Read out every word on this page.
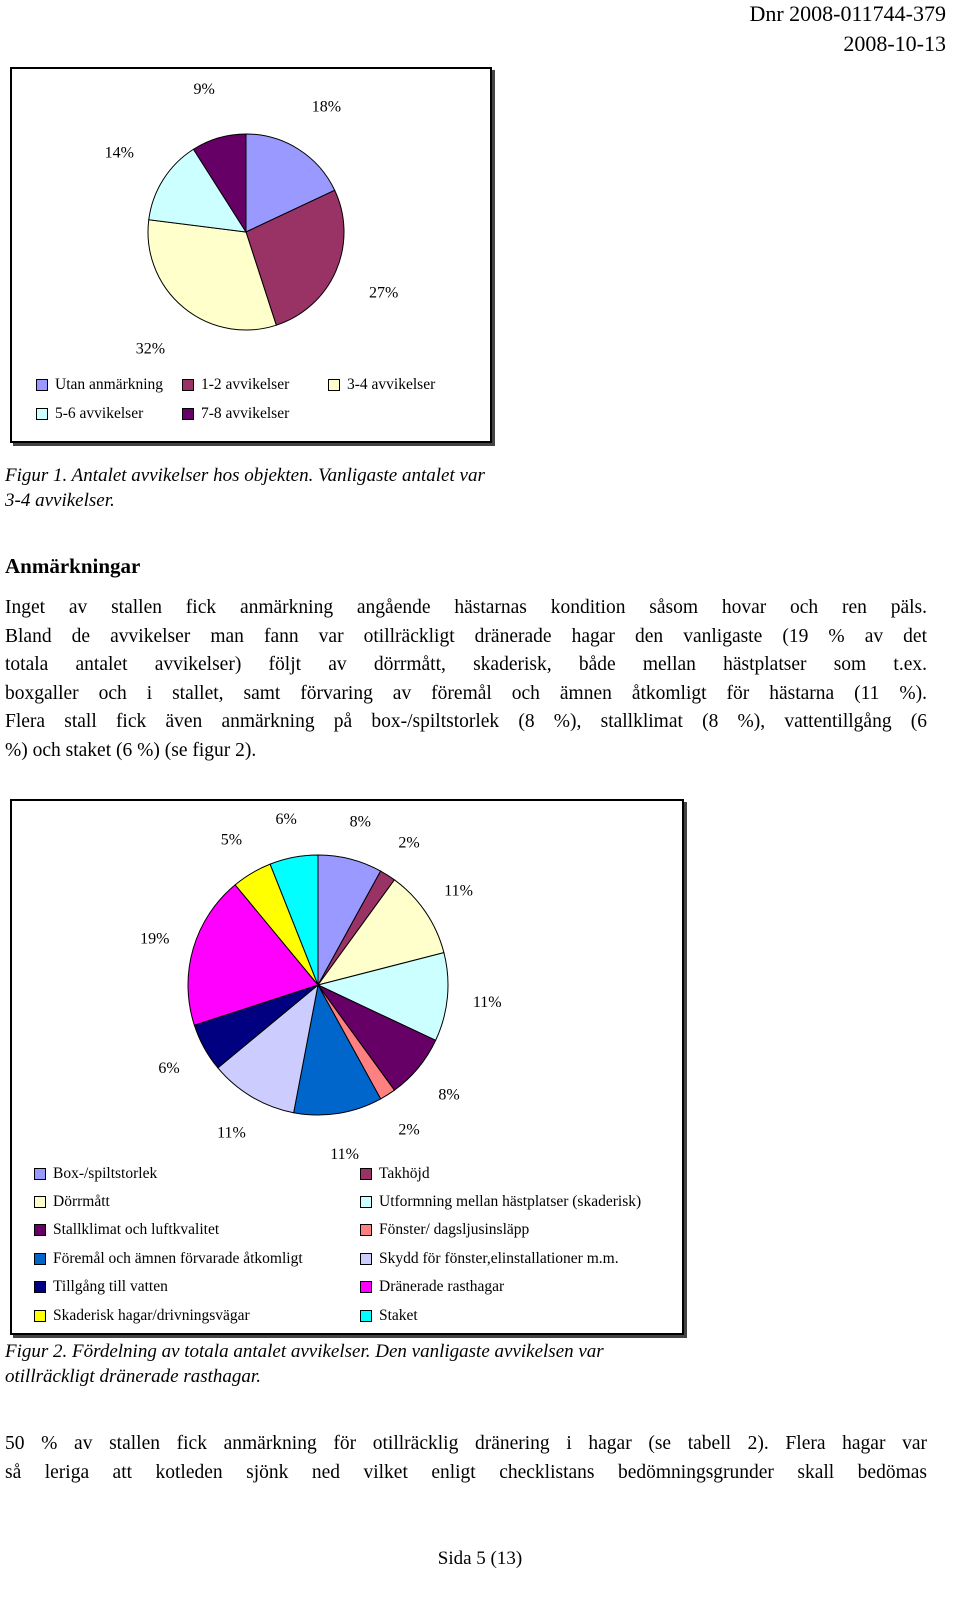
Dnr 2008-011744-379
2008-10-13
18%
27%
32%
14%
9%
Utan anmärkning 1-2 avvikelser	3-4 avvikelser
5-6 avvikelser	7-8 avvikelser
Figur 1. Antalet avvikelser hos objekten. Vanligaste antalet var
3-4 avvikelser.
Anmärkningar
Inget av stallen fick anmärkning angående hästarnas kondition såsom hovar och ren päls.
Bland de avvikelser man fann var otillräckligt dränerade hagar den vanligaste (19 % av det
totala antalet avvikelser) följt av dörrmått, skaderisk, både mellan hästplatser som t.ex.
boxgaller och i stallet, samt förvaring av föremål och ämnen åtkomligt för hästarna (11 %).
Flera stall fick även anmärkning på box-/spiltstorlek (8 %), stallklimat (8 %), vattentillgång (6
%) och staket (6 %) (se figur 2).
8%
2%
11%
11%
8%
2%
11%
11%
6%
19%
5%
6%
Box-/spiltstorlek	Takhöjd
Dörrmått	Utformning mellan hästplatser (skaderisk)
Stallklimat och luftkvalitet	Fönster/ dagsljusinsläpp
Föremål och ämnen förvarade åtkomligt	Skydd för fönster,elinstallationer m.m.
Tillgång till vatten	Dränerade rasthagar
Skaderisk hagar/drivningsvägar	Staket
Figur 2. Fördelning av totala antalet avvikelser. Den vanligaste avvikelsen var
otillräckligt dränerade rasthagar.
50 % av stallen fick anmärkning för otillräcklig dränering i hagar (se tabell 2). Flera hagar var
så leriga att kotleden sjönk ned vilket enligt checklistans bedömningsgrunder skall bedömas
Sida 5 (13)
